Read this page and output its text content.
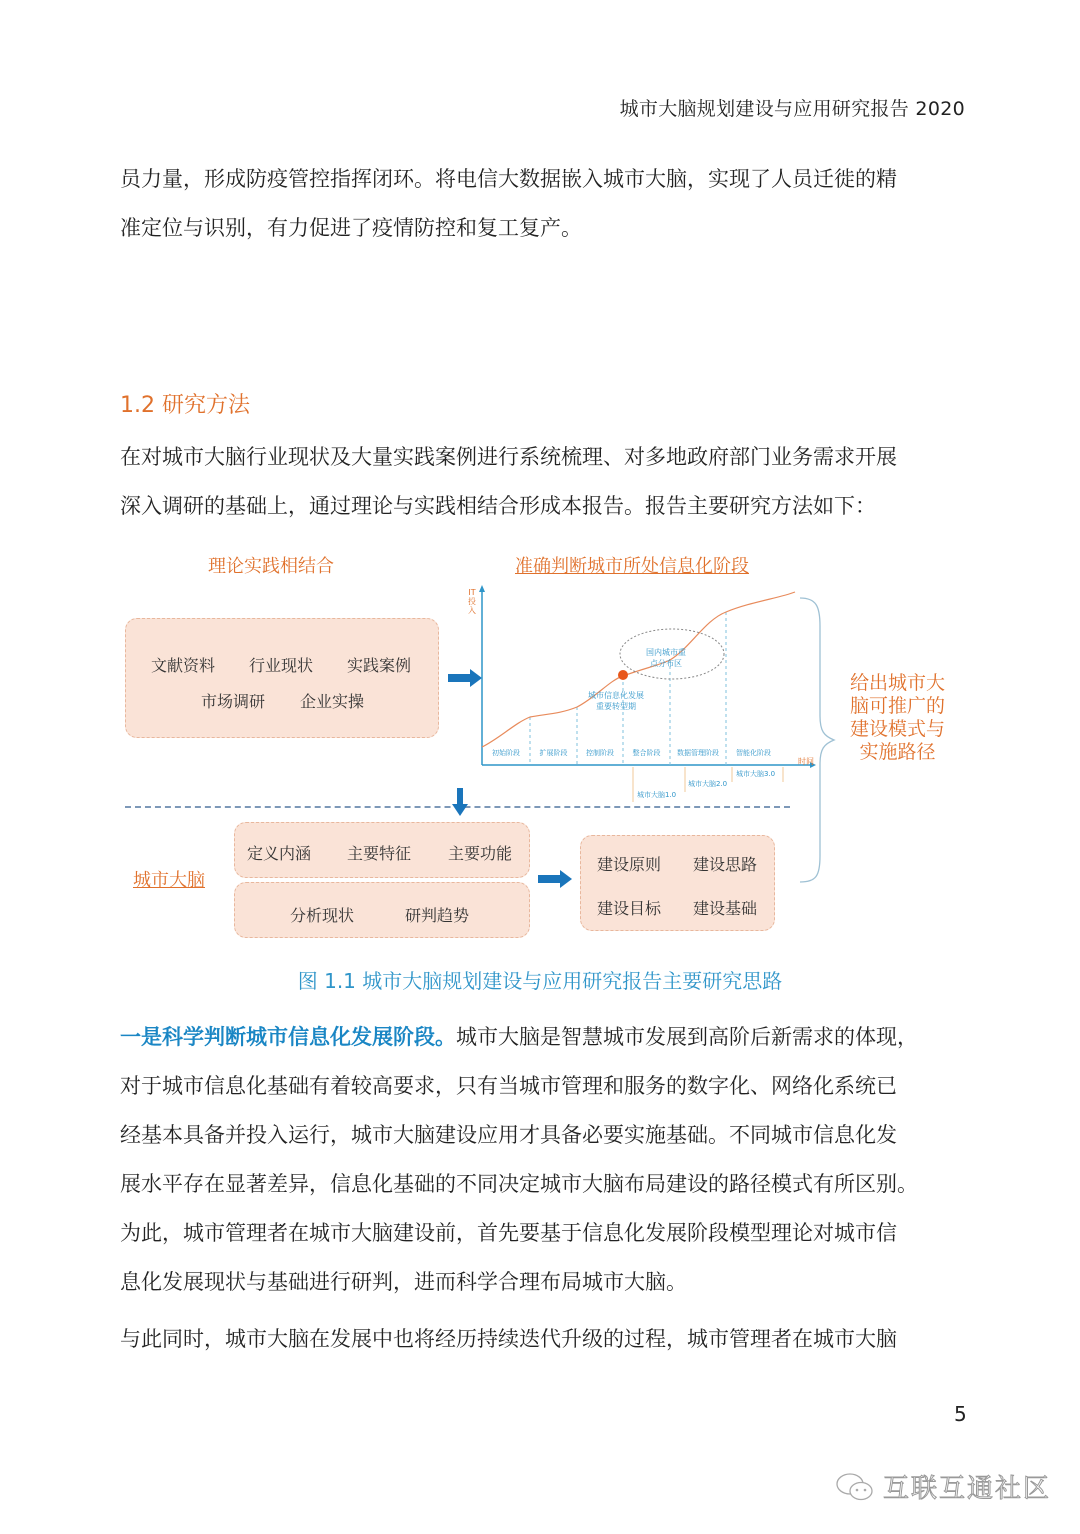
城市大脑规划建设与应用研究报告 2020
员力量，形成防疫管控指挥闭环。将电信大数据嵌入城市大脑，实现了人员迁徙的精
准定位与识别，有力促进了疫情防控和复工复产。
1.2 研究方法
在对城市大脑行业现状及大量实践案例进行系统梳理、对多地政府部门业务需求开展
深入调研的基础上，通过理论与实践相结合形成本报告。报告主要研究方法如下：
理论实践相结合	准确判断城市所处信息化阶段
文献资料 行业现状 实践案例
市场调研 企业实操
IT
投
入
时间
初始阶段	扩展阶段	控制阶段	整合阶段	数据管理阶段	智能化阶段
国内城市重
点分布区
城市信息化发展
重要转型期
城市大脑1.0
城市大脑2.0
城市大脑3.0
给出城市大
脑可推广的
建设模式与
实施路径
城市大脑
定义内涵 主要特征 主要功能
分析现状	研判趋势
建设原则 建设思路
建设目标 建设基础
图 1.1 城市大脑规划建设与应用研究报告主要研究思路
一是科学判断城市信息化发展阶段。城市大脑是智慧城市发展到高阶后新需求的体现，
对于城市信息化基础有着较高要求，只有当城市管理和服务的数字化、网络化系统已
经基本具备并投入运行，城市大脑建设应用才具备必要实施基础。不同城市信息化发
展水平存在显著差异，信息化基础的不同决定城市大脑布局建设的路径模式有所区别。
为此，城市管理者在城市大脑建设前，首先要基于信息化发展阶段模型理论对城市信
息化发展现状与基础进行研判，进而科学合理布局城市大脑。
与此同时，城市大脑在发展中也将经历持续迭代升级的过程，城市管理者在城市大脑
5
互联互通社区
